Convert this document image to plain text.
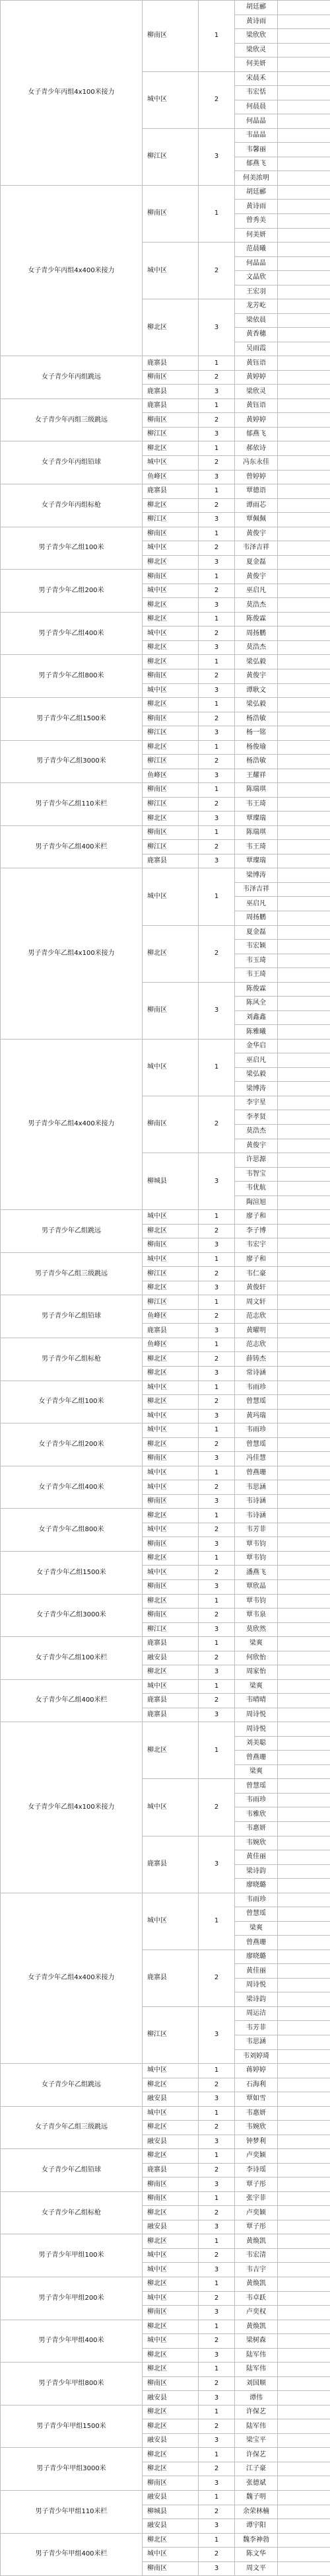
女子青少年丙组4x100米接力	柳南区	1	胡廷郦	
			黄诗雨	
			梁欣欣	
			梁欣灵	
			何美妍	
	城中区	2	宋晨禾	
			韦宏恬	
			何晨晨	
			何晶晶	
	柳江区	3	韦晶晶	
			韦馨丽	
			郁燕飞	
			何美浓明	
女子青少年丙组4x400米接力	柳南区	1	胡廷郦	
			黄诗雨	
			曾秀美	
			何美妍	
	城中区	2	范晨曦	
			何晶晶	
			文晶欣	
			王宏羽	
	柳北区	3	龙芳屹	
			梁依晨	
			黄香穗	
			吴雨霞	
女子青少年丙组跳远	鹿寨县	1	黄钰语	
	柳南区	2	黄婷婷	
	鹿寨县	3	梁欣灵	
女子青少年丙组三级跳远	鹿寨县	1	黄钰语	
	柳南区	2	黄婷婷	
	柳江区	3	郁燕飞	
女子青少年丙组铅球	柳北区	1	郝依诗	
	城中区	2	冯东永佳	
	鱼峰区	3	曾婷婷	
女子青少年丙组标枪	鹿寨县	1	覃德语	
	柳北区	2	谭雨芯	
	柳江区	3	覃佩佩	
男子青少年乙组100米	柳南区	1	黄俊宇	
	城中区	2	韦泽吉祥	
	柳北区	3	夏金磊	
男子青少年乙组200米	柳南区	1	黄俊宇	
	城中区	2	巫启凡	
	柳北区	3	莫浩杰	
男子青少年乙组400米	柳北区	1	陈俊霖	
	城中区	2	周扬鹏	
	柳北区	3	莫浩杰	
男子青少年乙组800米	柳北区	1	梁弘毅	
	柳南区	2	黄俊宇	
	城中区	3	谭耿文	
男子青少年乙组1500米	柳北区	1	梁弘毅	
	柳南区	2	杨浩敏	
	柳江区	3	杨一铭	
男子青少年乙组3000米	柳北区	1	杨俊瑜	
	柳江区	2	杨浩敏	
	鱼峰区	3	王耀祥	
男子青少年乙组110米栏	柳南区	1	陈瑞琪	
	柳江区	2	韦王琦	
	柳北区	3	覃璨瑞	
男子青少年乙组400米栏	柳南区	1	陈瑞琪	
	柳江区	2	韦王琦	
	鹿寨县	3	覃璨瑞	
男子青少年乙组4x100米接力	城中区	1	梁博涛	
			韦泽吉祥	
			巫启凡	
			周扬鹏	
	柳北区	2	夏金磊	
			韦宏颖	
			韦玉琦	
			韦王琦	
	柳南区	3	陈俊霖	
			陈风全	
			刘鑫鑫	
			陈雅曦	
男子青少年乙组4x400米接力	城中区	1	金华启	
			巫启凡	
			梁弘毅	
			梁博涛	
	柳南区	2	李宇星	
			李孝贤	
			莫浩杰	
			黄俊宇	
	柳城县	3	许思源	
			韦智宝	
			韦优航	
			陶渲旭	
男子青少年乙组跳远	城中区	1	廖子和	
	柳北区	2	李子博	
	柳南区	3	韦宏宇	
男子青少年乙组三级跳远	城中区	1	廖子和	
	柳江区	2	韦仁豪	
	柳北区	3	黄俊轩	
男子青少年乙组铅球	柳江区	1	周文轩	
	鱼峰区	2	范志欣	
	鹿寨县	3	黄曜明	
男子青少年乙组标枪	鱼峰区	1	范志欣	
	柳北区	2	薛铸杰	
	柳北区	3	常诗涵	
女子青少年乙组100米	城中区	1	韦雨珍	
	柳北区	2	曾慧瑶	
	城中区	3	黄玛瑞	
女子青少年乙组200米	城中区	1	韦雨珍	
	柳北区	2	曾慧瑶	
	柳南区	3	冯佳慧	
女子青少年乙组400米	城中区	1	曾燕珊	
	城中区	2	韦思涵	
	柳南区	3	韦诗涵	
女子青少年乙组800米	柳北区	1	韦诗涵	
	城中区	2	韦芳菲	
	柳南区	3	覃韦钧	
女子青少年乙组1500米	柳北区	1	覃韦钧	
	城中区	2	潘燕飞	
	柳南区	3	覃欣晶	
女子青少年乙组3000米	柳北区	1	覃韦钧	
	柳南区	2	覃韦泉	
	柳江区	3	莫欣然	
女子青少年乙组100米栏	鹿寨县	1	梁爽	
	融安县	2	何欣怡	
	柳北区	3	周家怡	
女子青少年乙组400米栏	城中区	1	梁爽	
	鹿寨县	2	韦晴晴	
	鹿寨县	3	周诗悦	
女子青少年乙组4x100米接力	柳北区	1	周诗悦	
			刘美聪	
			曾燕珊	
			梁爽	
	城中区	2	曾慧瑶	
			韦雨珍	
			韦雅欣	
			韦惠妍	
	鹿寨县	3	韦婉欣	
			黄佳丽	
			梁诗韵	
			廖晓璐	
女子青少年乙组4x400米接力	城中区	1	韦雨珍	
			曾慧瑶	
			梁爽	
			曾燕珊	
	鹿寨县	2	廖晓璐	
			黄佳丽	
			周诗悦	
			梁诗韵	
	柳江区	3	周运洁	
			韦芳菲	
			韦思涵	
			韦刘婷琦	
女子青少年乙组跳远	城中区	1	蒋婷婷	
	柳北区	2	石海利	
	融安县	3	覃如雪	
女子青少年乙组三级跳远	城中区	1	韦惠妍	
	柳北区	2	韦婉欣	
	融安县	3	钟梦利	
女子青少年乙组铅球	柳北区	1	卢奕颖	
	鹿寨县	2	李诗瑶	
	柳南区	3	覃子彤	
女子青少年乙组标枪	柳南区	1	张宇菲	
	柳北区	2	卢奕颖	
	融安县	3	覃子彤	
男子青少年甲组100米	柳北区	1	黄焕凯	
	城中区	2	韦宏清	
	城中区	3	韦吉宇	
男子青少年甲组200米	柳北区	1	黄焕凯	
	城中区	2	韦卓跃	
	柳南区	3	卢奕权	
男子青少年甲组400米	柳北区	1	黄焕凯	
	城中区	2	梁树森	
	柳北区	3	陆军伟	
男子青少年甲组800米	柳北区	1	陆军伟	
	柳南区	2	刘国顺	
	融安县	3	谭伟	
男子青少年甲组1500米	柳北区	1	许保艺	
	柳北区	2	陆军伟	
	融安县	3	梁宝平	
男子青少年甲组3000米	柳北区	1	许保艺	
	柳北区	2	江子豪	
	柳南区	3	张德斌	
男子青少年甲组110米栏	融安县	1	魏子明	
	柳城县	2	余荣林楠	
	融安县	3	谭宇阳	
男子青少年甲组400米栏	柳北区	1	魏李神勃	
	城中区	2	陈文华	
	柳南区	3	周文平	
